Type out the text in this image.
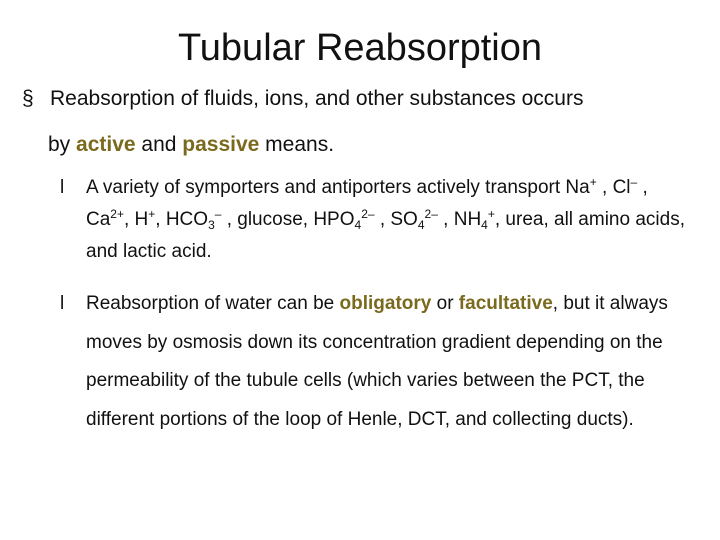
Tubular Reabsorption
§ Reabsorption of fluids, ions, and other substances occurs
by active and passive means.
l	A variety of symporters and antiporters actively transport Na+ , Cl– , $Ca^{2+}$, H+, $HCO_3^-$ , glucose, $HPO_4^{2-}$ , $SO_4^{2-}$ , $NH_4^+$, urea, all amino acids, and lactic acid.
l	Reabsorption of water can be obligatory or facultative, but it always moves by osmosis down its concentration gradient depending on the permeability of the tubule cells (which varies between the PCT, the different portions of the loop of Henle, DCT, and collecting ducts).
